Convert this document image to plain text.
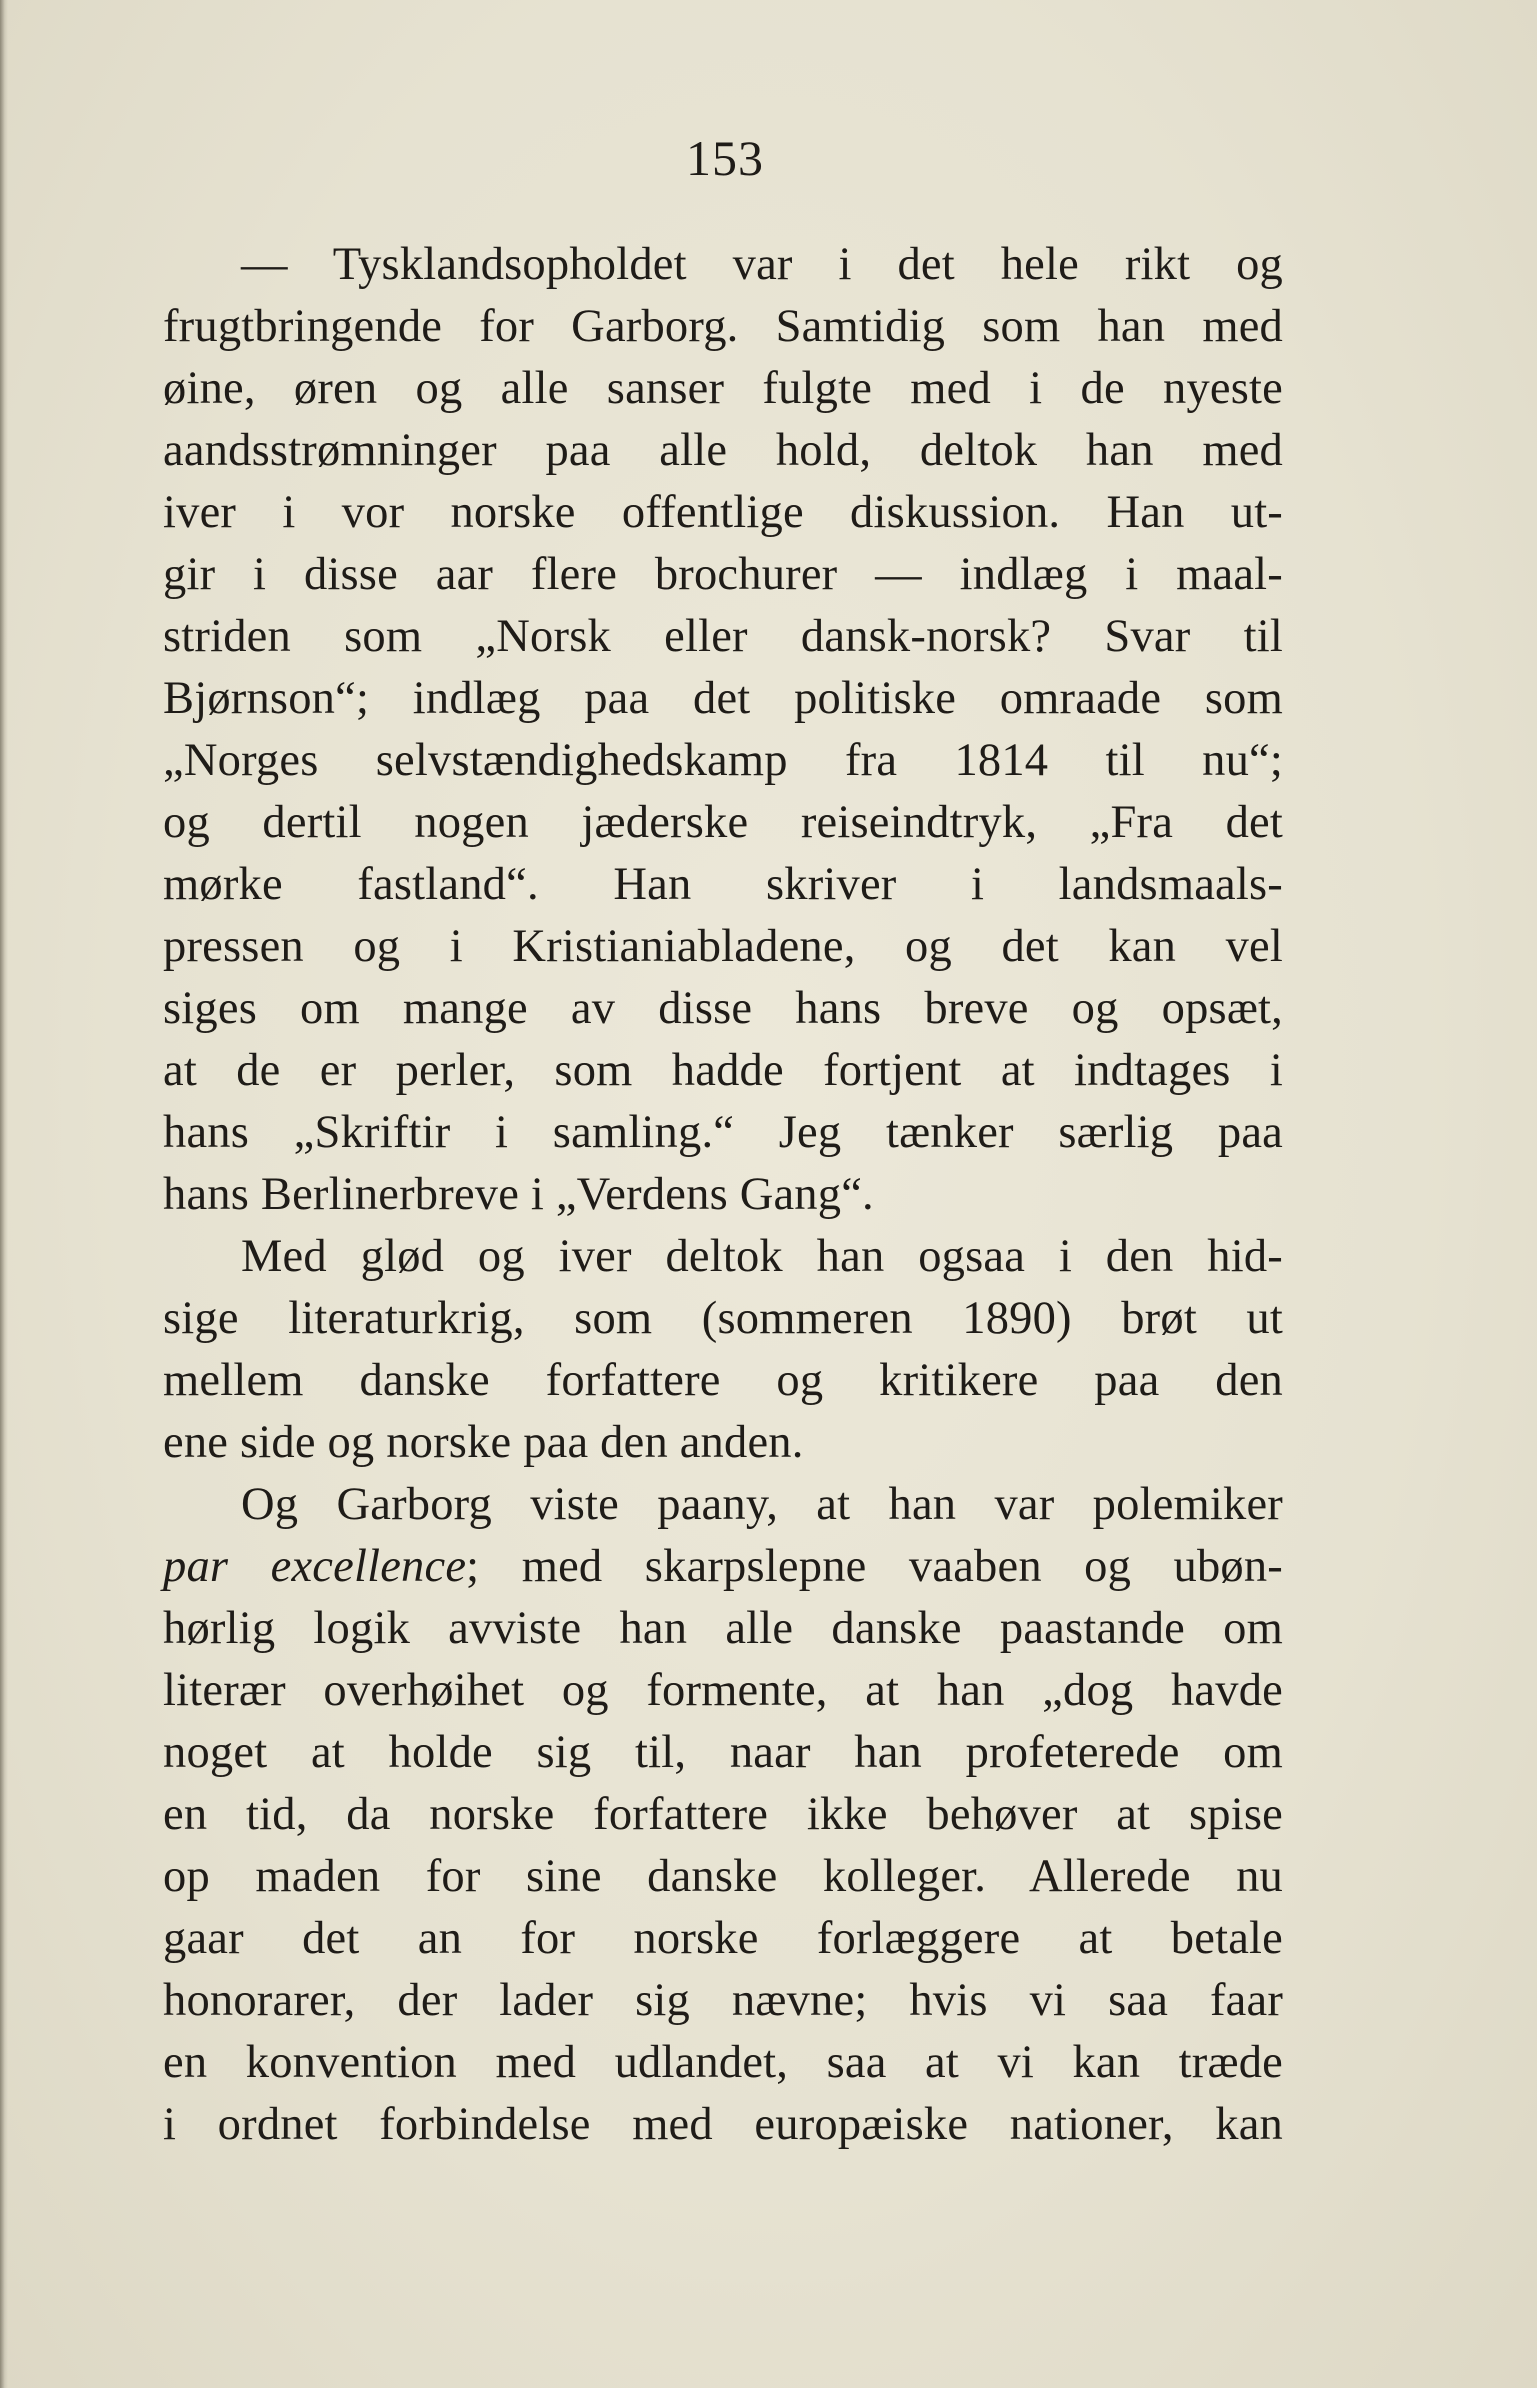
153
— Tysklandsopholdet var i det hele rikt og
frugtbringende for Garborg. Samtidig som han med
øine, øren og alle sanser fulgte med i de nyeste
aandsstrømninger paa alle hold, deltok han med
iver i vor norske offentlige diskussion. Han ut-
gir i disse aar flere brochurer — indlæg i maal-
striden som „Norsk eller dansk-norsk? Svar til
Bjørnson“; indlæg paa det politiske omraade som
„Norges selvstændighedskamp fra 1814 til nu“;
og dertil nogen jæderske reiseindtryk, „Fra det
mørke fastland“. Han skriver i landsmaals-
pressen og i Kristianiabladene, og det kan vel
siges om mange av disse hans breve og opsæt,
at de er perler, som hadde fortjent at indtages i
hans „Skriftir i samling.“ Jeg tænker særlig paa
hans Berlinerbreve i „Verdens Gang“.
Med glød og iver deltok han ogsaa i den hid-
sige literaturkrig, som (sommeren 1890) brøt ut
mellem danske forfattere og kritikere paa den
ene side og norske paa den anden.
Og Garborg viste paany, at han var polemiker
par excellence; med skarpslepne vaaben og ubøn-
hørlig logik avviste han alle danske paastande om
literær overhøihet og formente, at han „dog havde
noget at holde sig til, naar han profeterede om
en tid, da norske forfattere ikke behøver at spise
op maden for sine danske kolleger. Allerede nu
gaar det an for norske forlæggere at betale
honorarer, der lader sig nævne; hvis vi saa faar
en konvention med udlandet, saa at vi kan træde
i ordnet forbindelse med europæiske nationer, kan
